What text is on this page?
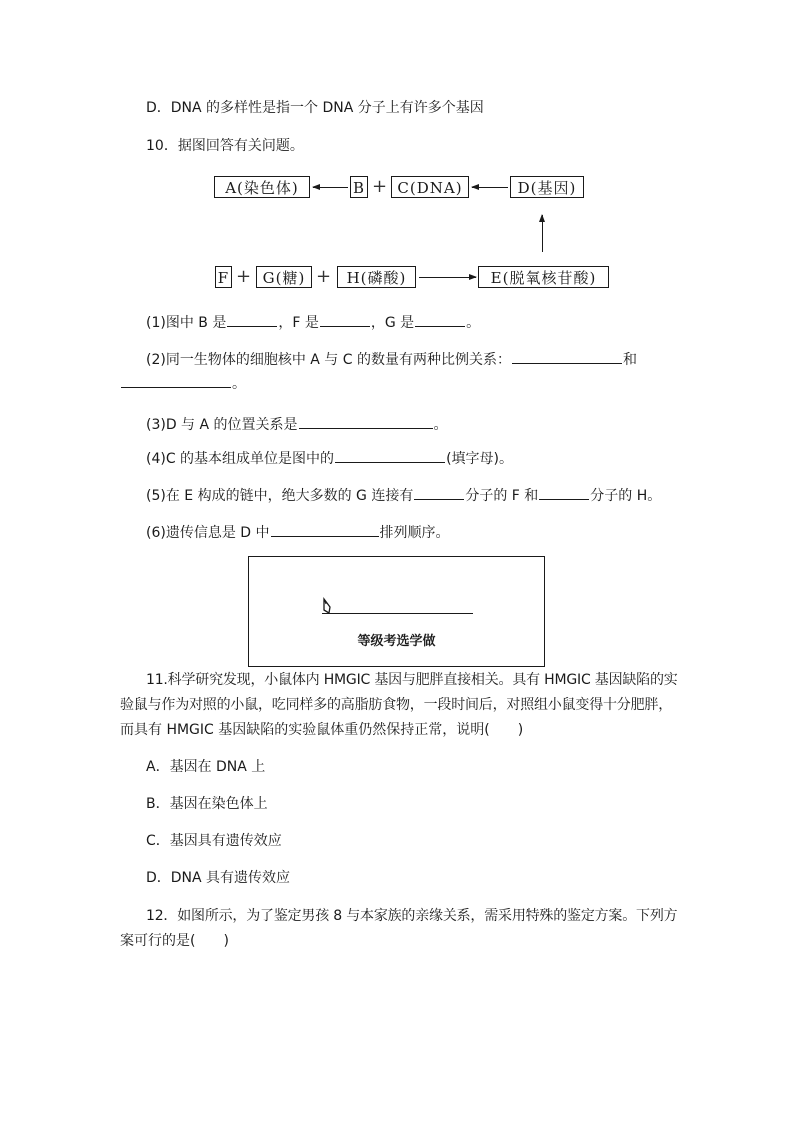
D．DNA 的多样性是指一个 DNA 分子上有许多个基因
10．据图回答有关问题。
A(染色体)	B + C(DNA)	D(基因)
F + G(糖) +	H(磷酸)	E(脱氧核苷酸)
(1)图中 B 是	，F 是	，G 是	。
(2)同一生物体的细胞核中 A 与 C 的数量有两种比例关系：	和
。
(3)D 与 A 的位置关系是	。
(4)C 的基本组成单位是图中的	(填字母)。
(5)在 E 构成的链中，绝大多数的 G 连接有	分子的 F 和	分子的 H。
(6)遗传信息是 D 中	排列顺序。
等级考选学做
11.科学研究发现，小鼠体内 HMGIC 基因与肥胖直接相关。具有 HMGIC 基因缺陷的实
验鼠与作为对照的小鼠，吃同样多的高脂肪食物，一段时间后，对照组小鼠变得十分肥胖，
而具有 HMGIC 基因缺陷的实验鼠体重仍然保持正常，说明(　　)
A．基因在 DNA 上
B．基因在染色体上
C．基因具有遗传效应
D．DNA 具有遗传效应
12．如图所示，为了鉴定男孩 8 与本家族的亲缘关系，需采用特殊的鉴定方案。下列方
案可行的是(　　)
